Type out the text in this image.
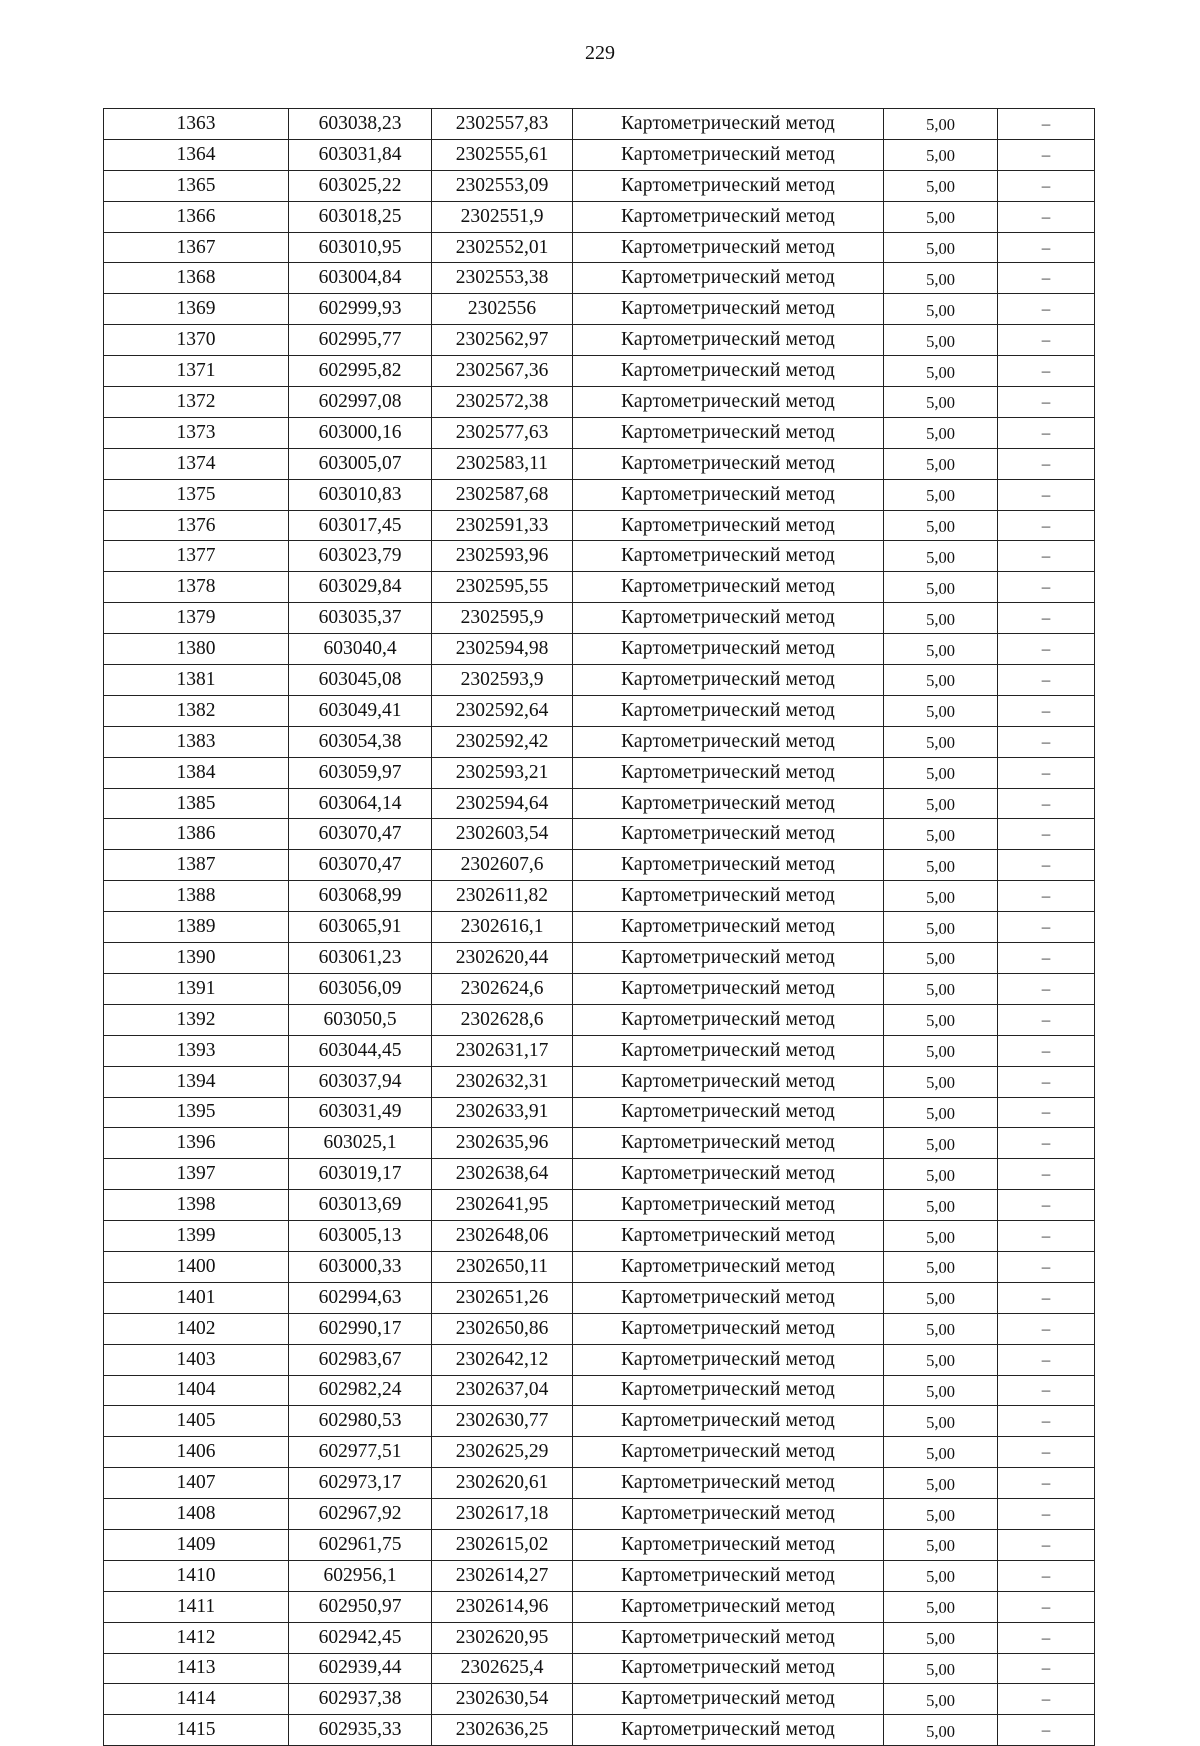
229
1363	603038,23	2302557,83	Картометрический метод	5,00	–
1364	603031,84	2302555,61	Картометрический метод	5,00	–
1365	603025,22	2302553,09	Картометрический метод	5,00	–
1366	603018,25	2302551,9	Картометрический метод	5,00	–
1367	603010,95	2302552,01	Картометрический метод	5,00	–
1368	603004,84	2302553,38	Картометрический метод	5,00	–
1369	602999,93	2302556	Картометрический метод	5,00	–
1370	602995,77	2302562,97	Картометрический метод	5,00	–
1371	602995,82	2302567,36	Картометрический метод	5,00	–
1372	602997,08	2302572,38	Картометрический метод	5,00	–
1373	603000,16	2302577,63	Картометрический метод	5,00	–
1374	603005,07	2302583,11	Картометрический метод	5,00	–
1375	603010,83	2302587,68	Картометрический метод	5,00	–
1376	603017,45	2302591,33	Картометрический метод	5,00	–
1377	603023,79	2302593,96	Картометрический метод	5,00	–
1378	603029,84	2302595,55	Картометрический метод	5,00	–
1379	603035,37	2302595,9	Картометрический метод	5,00	–
1380	603040,4	2302594,98	Картометрический метод	5,00	–
1381	603045,08	2302593,9	Картометрический метод	5,00	–
1382	603049,41	2302592,64	Картометрический метод	5,00	–
1383	603054,38	2302592,42	Картометрический метод	5,00	–
1384	603059,97	2302593,21	Картометрический метод	5,00	–
1385	603064,14	2302594,64	Картометрический метод	5,00	–
1386	603070,47	2302603,54	Картометрический метод	5,00	–
1387	603070,47	2302607,6	Картометрический метод	5,00	–
1388	603068,99	2302611,82	Картометрический метод	5,00	–
1389	603065,91	2302616,1	Картометрический метод	5,00	–
1390	603061,23	2302620,44	Картометрический метод	5,00	–
1391	603056,09	2302624,6	Картометрический метод	5,00	–
1392	603050,5	2302628,6	Картометрический метод	5,00	–
1393	603044,45	2302631,17	Картометрический метод	5,00	–
1394	603037,94	2302632,31	Картометрический метод	5,00	–
1395	603031,49	2302633,91	Картометрический метод	5,00	–
1396	603025,1	2302635,96	Картометрический метод	5,00	–
1397	603019,17	2302638,64	Картометрический метод	5,00	–
1398	603013,69	2302641,95	Картометрический метод	5,00	–
1399	603005,13	2302648,06	Картометрический метод	5,00	–
1400	603000,33	2302650,11	Картометрический метод	5,00	–
1401	602994,63	2302651,26	Картометрический метод	5,00	–
1402	602990,17	2302650,86	Картометрический метод	5,00	–
1403	602983,67	2302642,12	Картометрический метод	5,00	–
1404	602982,24	2302637,04	Картометрический метод	5,00	–
1405	602980,53	2302630,77	Картометрический метод	5,00	–
1406	602977,51	2302625,29	Картометрический метод	5,00	–
1407	602973,17	2302620,61	Картометрический метод	5,00	–
1408	602967,92	2302617,18	Картометрический метод	5,00	–
1409	602961,75	2302615,02	Картометрический метод	5,00	–
1410	602956,1	2302614,27	Картометрический метод	5,00	–
1411	602950,97	2302614,96	Картометрический метод	5,00	–
1412	602942,45	2302620,95	Картометрический метод	5,00	–
1413	602939,44	2302625,4	Картометрический метод	5,00	–
1414	602937,38	2302630,54	Картометрический метод	5,00	–
1415	602935,33	2302636,25	Картометрический метод	5,00	–
